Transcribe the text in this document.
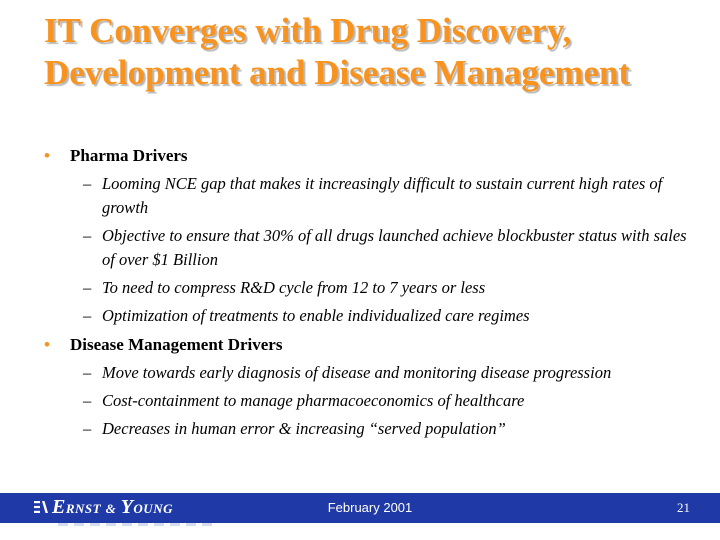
IT Converges with Drug Discovery, Development and Disease Management
• Pharma Drivers
– Looming NCE gap that makes it increasingly difficult to sustain current high rates of growth
– Objective to ensure that 30% of all drugs launched achieve blockbuster status with sales of over $1 Billion
– To need to compress R&D cycle from 12 to 7 years or less
– Optimization of treatments to enable individualized care regimes
• Disease Management Drivers
– Move towards early diagnosis of disease and monitoring disease progression
– Cost-containment to manage pharmacoeconomics of healthcare
– Decreases in human error & increasing “served population”
ERNST & YOUNG	February 2001	21
